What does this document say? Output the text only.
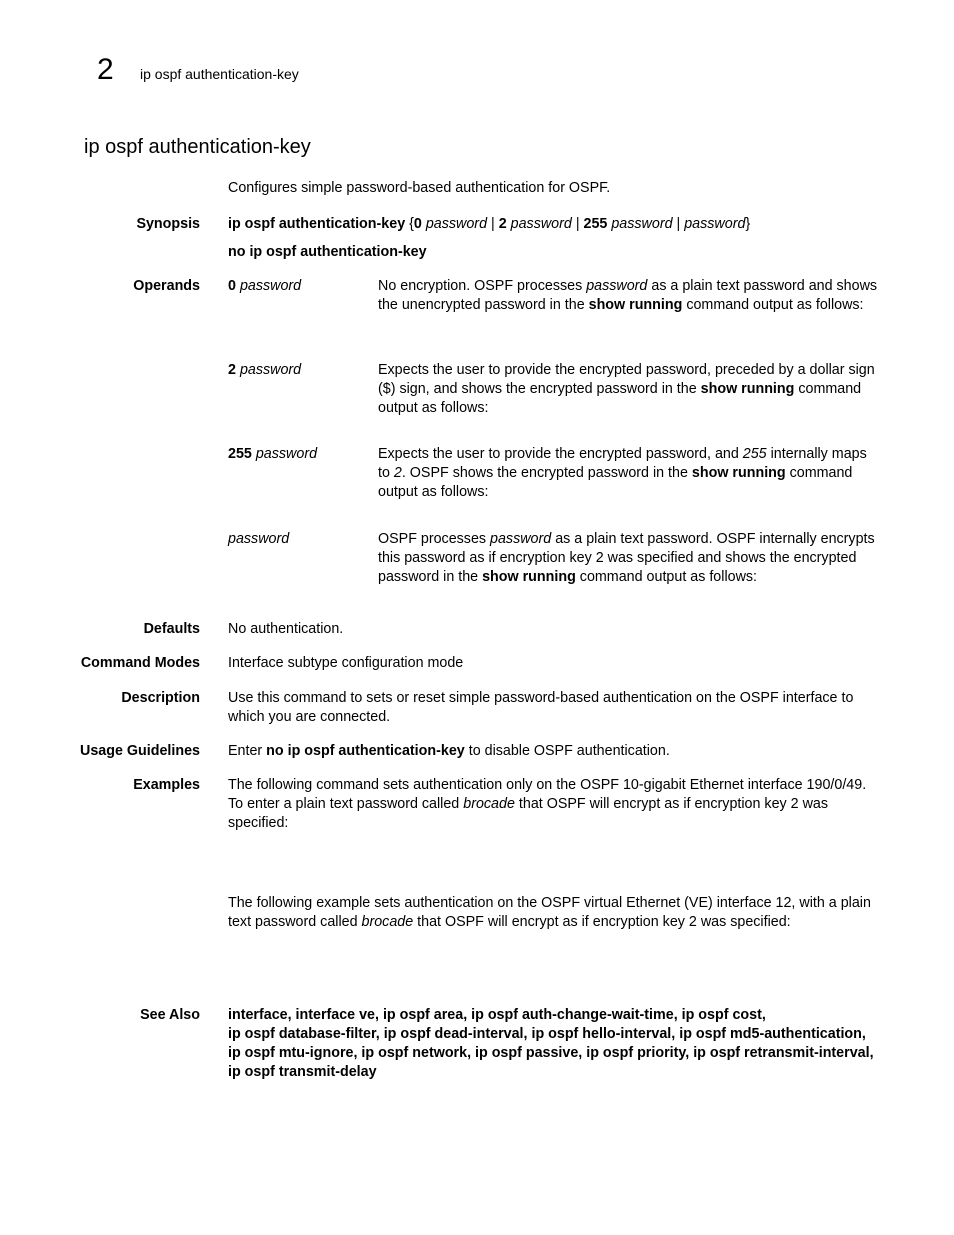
2 ip ospf authentication-key
ip ospf authentication-key
Configures simple password-based authentication for OSPF.
Synopsis ip ospf authentication-key {0 password | 2 password | 255 password | password}
no ip ospf authentication-key
Operands 0 password	No encryption. OSPF processes password as a plain text password and shows the unencrypted password in the show running command output as follows:
2 password	Expects the user to provide the encrypted password, preceded by a dollar sign ($) sign, and shows the encrypted password in the show running command output as follows:
255 password	Expects the user to provide the encrypted password, and 255 internally maps to 2. OSPF shows the encrypted password in the show running command output as follows:
password	OSPF processes password as a plain text password. OSPF internally encrypts this password as if encryption key 2 was specified and shows the encrypted password in the show running command output as follows:
Defaults No authentication.
Command Modes Interface subtype configuration mode
Description Use this command to sets or reset simple password-based authentication on the OSPF interface to which you are connected.
Usage Guidelines Enter no ip ospf authentication-key to disable OSPF authentication.
Examples The following command sets authentication only on the OSPF 10-gigabit Ethernet interface 190/0/49. To enter a plain text password called brocade that OSPF will encrypt as if encryption key 2 was specified:
The following example sets authentication on the OSPF virtual Ethernet (VE) interface 12, with a plain text password called brocade that OSPF will encrypt as if encryption key 2 was specified:
See Also interface, interface ve, ip ospf area, ip ospf auth-change-wait-time, ip ospf cost,
ip ospf database-filter, ip ospf dead-interval, ip ospf hello-interval, ip ospf md5-authentication,
ip ospf mtu-ignore, ip ospf network, ip ospf passive, ip ospf priority, ip ospf retransmit-interval,
ip ospf transmit-delay
